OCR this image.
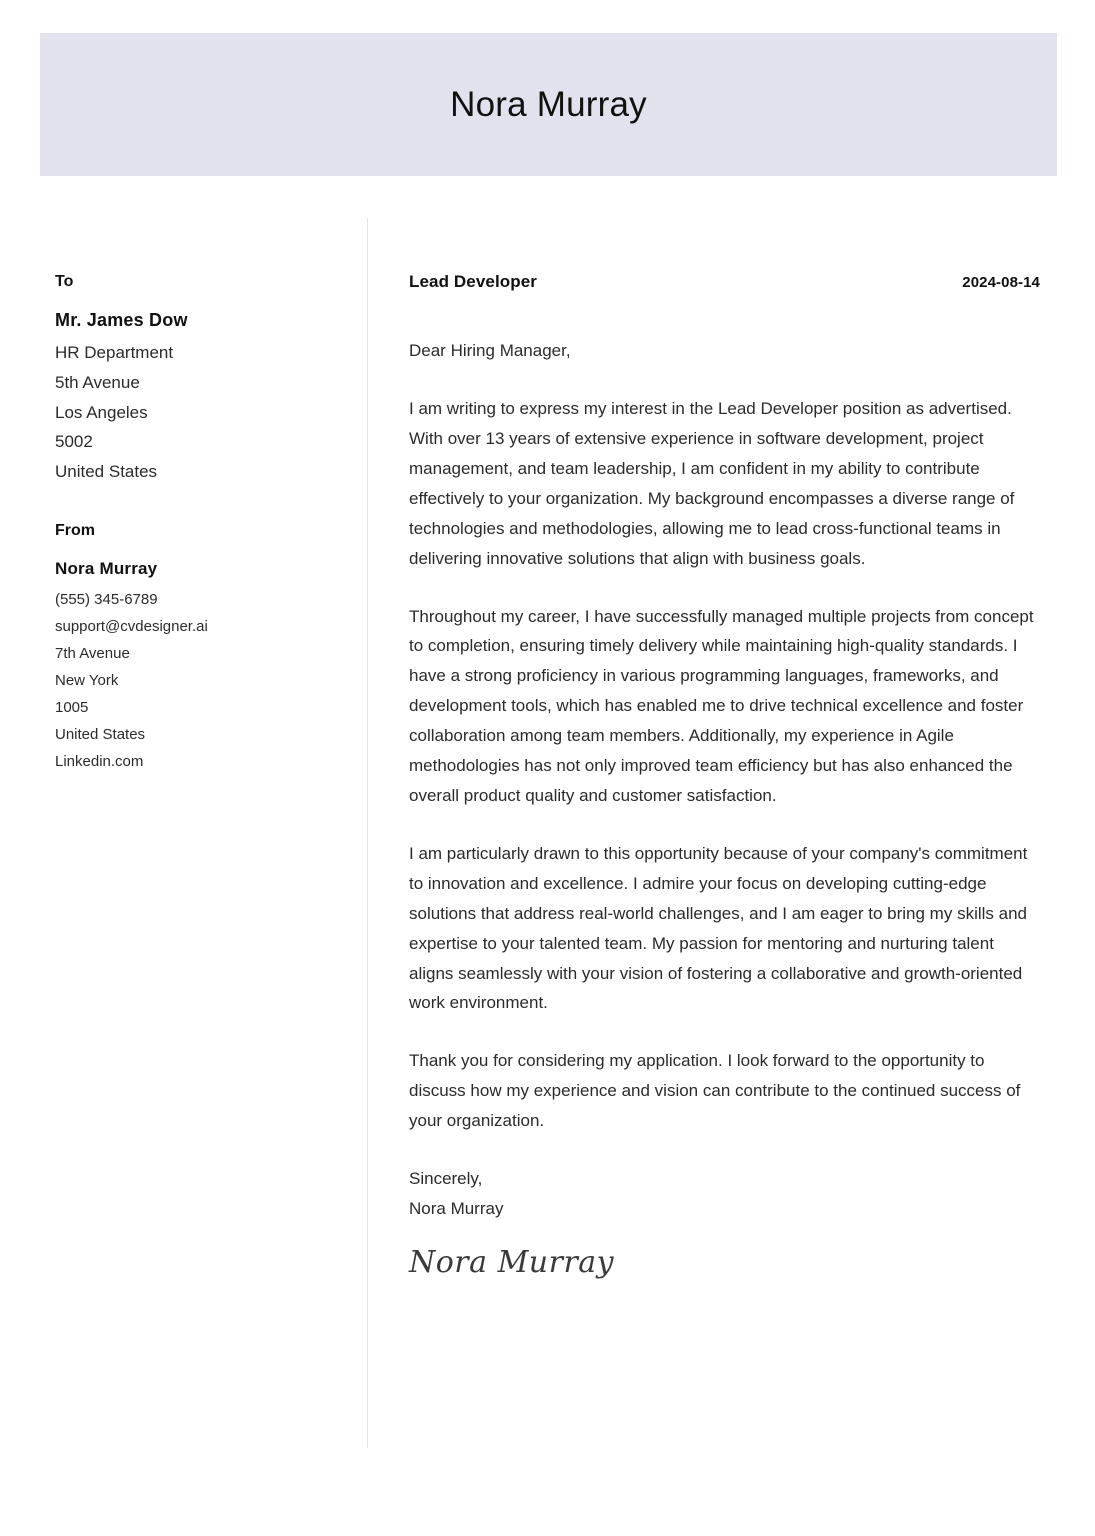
Nora Murray
To
Mr. James Dow
HR Department
5th Avenue
Los Angeles
5002
United States
From
Nora Murray
(555) 345-6789
support@cvdesigner.ai
7th Avenue
New York
1005
United States
Linkedin.com
Lead Developer	2024-08-14

Dear Hiring Manager,

I am writing to express my interest in the Lead Developer position as advertised. With over 13 years of extensive experience in software development, project management, and team leadership, I am confident in my ability to contribute effectively to your organization. My background encompasses a diverse range of technologies and methodologies, allowing me to lead cross-functional teams in delivering innovative solutions that align with business goals.

Throughout my career, I have successfully managed multiple projects from concept to completion, ensuring timely delivery while maintaining high-quality standards. I have a strong proficiency in various programming languages, frameworks, and development tools, which has enabled me to drive technical excellence and foster collaboration among team members. Additionally, my experience in Agile methodologies has not only improved team efficiency but has also enhanced the overall product quality and customer satisfaction.

I am particularly drawn to this opportunity because of your company's commitment to innovation and excellence. I admire your focus on developing cutting-edge solutions that address real-world challenges, and I am eager to bring my skills and expertise to your talented team. My passion for mentoring and nurturing talent aligns seamlessly with your vision of fostering a collaborative and growth-oriented work environment.

Thank you for considering my application. I look forward to the opportunity to discuss how my experience and vision can contribute to the continued success of your organization.

Sincerely,

Nora Murray

Nora Murray
